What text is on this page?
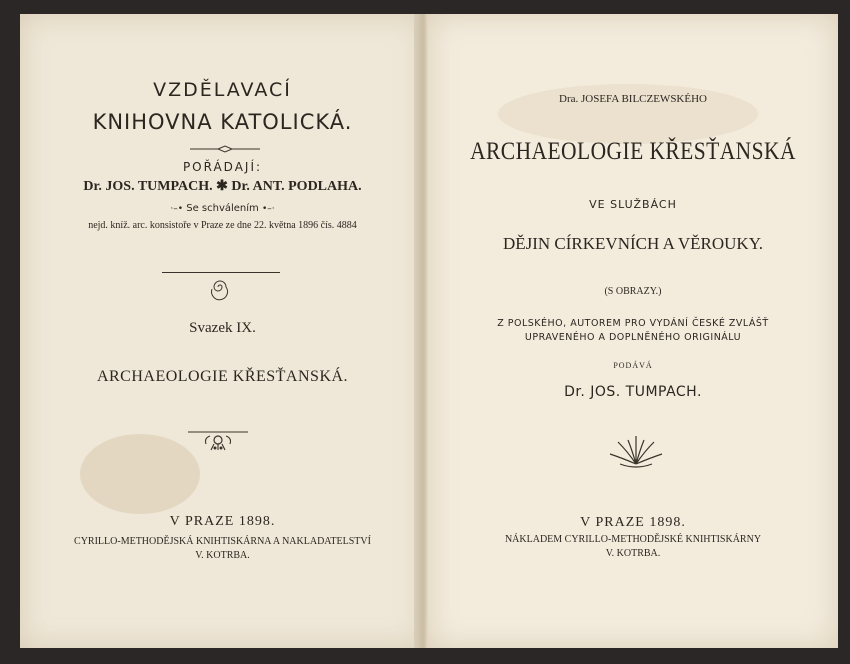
VZDĚLAVACÍ
KNIHOVNA KATOLICKÁ.
POŘÁDAJÍ:
Dr. JOS. TUMPACH. ✱ Dr. ANT. PODLAHA.
·–• Se schválením •–·
nejd. kníž. arc. konsistoře v Praze ze dne 22. května 1896 čís. 4884
Svazek IX.
ARCHAEOLOGIE KŘESŤANSKÁ.
V PRAZE 1898.
CYRILLO-METHODĚJSKÁ KNIHTISKÁRNA A NAKLADATELSTVÍ
V. KOTRBA.
Dra. JOSEFA BILCZEWSKÉHO
ARCHAEOLOGIE KŘESŤANSKÁ
VE SLUŽBÁCH
DĚJIN CÍRKEVNÍCH A VĚROUKY.
(S OBRAZY.)
Z POLSKÉHO, AUTOREM PRO VYDÁNÍ ČESKÉ ZVLÁŠŤ
UPRAVENÉHO A DOPLNĚNÉHO ORIGINÁLU
PODÁVÁ
Dr. JOS. TUMPACH.
V PRAZE 1898.
NÁKLADEM CYRILLO-METHODĚJSKÉ KNIHTISKÁRNY
V. KOTRBA.
